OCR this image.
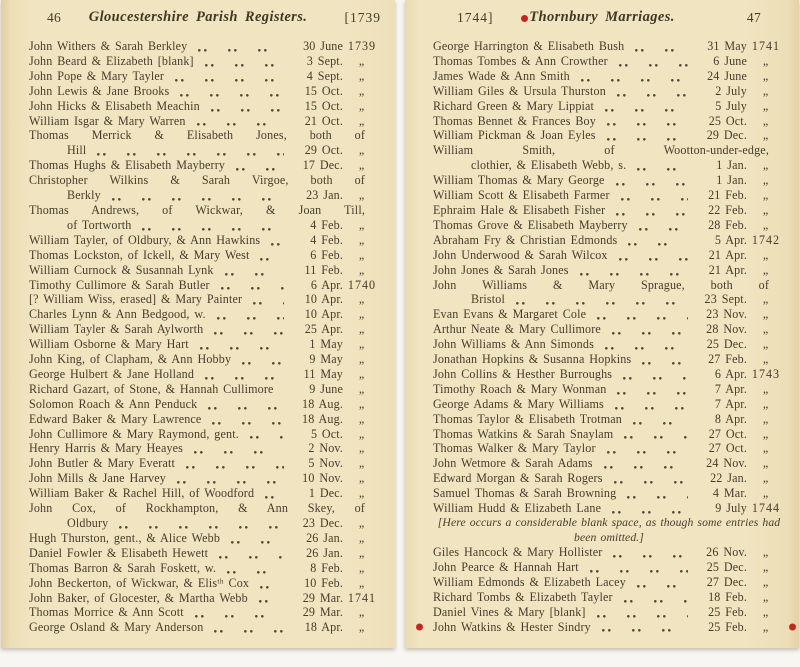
46 Gloucestershire Parish Registers.	[1739
John Withers & Sarah Berkley	30 June 1739
John Beard & Elizabeth [blank]	3 Sept.	„
John Pope & Mary Tayler	4 Sept.	„
John Lewis & Jane Brooks	15 Oct.	„
John Hicks & Elisabeth Meachin	15 Oct.	„
William Isgar & Mary Warren	21 Oct.	„
Thomas Merrick & Elisabeth Jones, both of
Hill	29 Oct.	„
Thomas Hughs & Elisabeth Mayberry	17 Dec.	„
Christopher Wilkins & Sarah Virgoe, both of
Berkly	23 Jan.	„
Thomas Andrews, of Wickwar, & Joan Till,
of Tortworth	4 Feb.	„
William Tayler, of Oldbury, & Ann Hawkins	4 Feb.	„
Thomas Lockston, of Ickell, & Mary West	6 Feb.	„
William Curnock & Susannah Lynk	11 Feb.	„
Timothy Cullimore & Sarah Butler	6 Apr. 1740
[? William Wiss, erased] & Mary Painter	10 Apr.	„
Charles Lynn & Ann Bedgood, w.	10 Apr.	„
William Tayler & Sarah Aylworth	25 Apr.	„
William Osborne & Mary Hart	1 May	„
John King, of Clapham, & Ann Hobby	9 May	„
George Hulbert & Jane Holland	11 May	„
Richard Gazart, of Stone, & Hannah Cullimore	9 June	„
Solomon Roach & Ann Penduck	18 Aug.	„
Edward Baker & Mary Lawrence	18 Aug.	„
John Cullimore & Mary Raymond, gent.	5 Oct.	„
Henry Harris & Mary Heayes	2 Nov.	„
John Butler & Mary Everatt	5 Nov.	„
John Mills & Jane Harvey	10 Nov.	„
William Baker & Rachel Hill, of Woodford	1 Dec.	„
John Cox, of Rockhampton, & Ann Skey, of
Oldbury	23 Dec.	„
Hugh Thurston, gent., & Alice Webb	26 Jan.	„
Daniel Fowler & Elisabeth Hewett	26 Jan.	„
Thomas Barron & Sarah Foskett, w.	8 Feb.	„
John Beckerton, of Wickwar, & Elisᵗʰ Cox	10 Feb.	„
John Baker, of Glocester, & Martha Webb	29 Mar. 1741
Thomas Morrice & Ann Scott	29 Mar.	„
George Osland & Mary Anderson	18 Apr.	„
1744] Thornbury Marriages.	47
George Harrington & Elisabeth Bush	31 May 1741
Thomas Tombes & Ann Crowther	6 June	„
James Wade & Ann Smith	24 June	„
William Giles & Ursula Thurston	2 July	„
Richard Green & Mary Lippiat	5 July	„
Thomas Bennet & Frances Boy	25 Oct.	„
William Pickman & Joan Eyles	29 Dec.	„
William Smith, of Wootton-under-edge,
clothier, & Elisabeth Webb, s.	1 Jan.	„
William Thomas & Mary George	1 Jan.	„
William Scott & Elisabeth Farmer	21 Feb.	„
Ephraim Hale & Elisabeth Fisher	22 Feb.	„
Thomas Grove & Elisabeth Mayberry	28 Feb.	„
Abraham Fry & Christian Edmonds	5 Apr. 1742
John Underwood & Sarah Wilcox	21 Apr.	„
John Jones & Sarah Jones	21 Apr.	„
John Williams & Mary Sprague, both of
Bristol	23 Sept.	„
Evan Evans & Margaret Cole	23 Nov.	„
Arthur Neate & Mary Cullimore	28 Nov.	„
John Williams & Ann Simonds	25 Dec.	„
Jonathan Hopkins & Susanna Hopkins	27 Feb.	„
John Collins & Hesther Burroughs	6 Apr. 1743
Timothy Roach & Mary Wonman	7 Apr.	„
George Adams & Mary Williams	7 Apr.	„
Thomas Taylor & Elisabeth Trotman	8 Apr.	„
Thomas Watkins & Sarah Snaylam	27 Oct.	„
Thomas Walker & Mary Taylor	27 Oct.	„
John Wetmore & Sarah Adams	24 Nov.	„
Edward Morgan & Sarah Rogers	22 Jan.	„
Samuel Thomas & Sarah Browning	4 Mar.	„
William Hudd & Elizabeth Lane	9 July 1744
[Here occurs a considerable blank space, as though some entries had been omitted.]
Giles Hancock & Mary Hollister	26 Nov.	„
John Pearce & Hannah Hart	25 Dec.	„
William Edmonds & Elizabeth Lacey	27 Dec.	„
Richard Tombs & Elizabeth Tayler	18 Feb.	„
Daniel Vines & Mary [blank]	25 Feb.	„
John Watkins & Hester Sindry	25 Feb.	„
